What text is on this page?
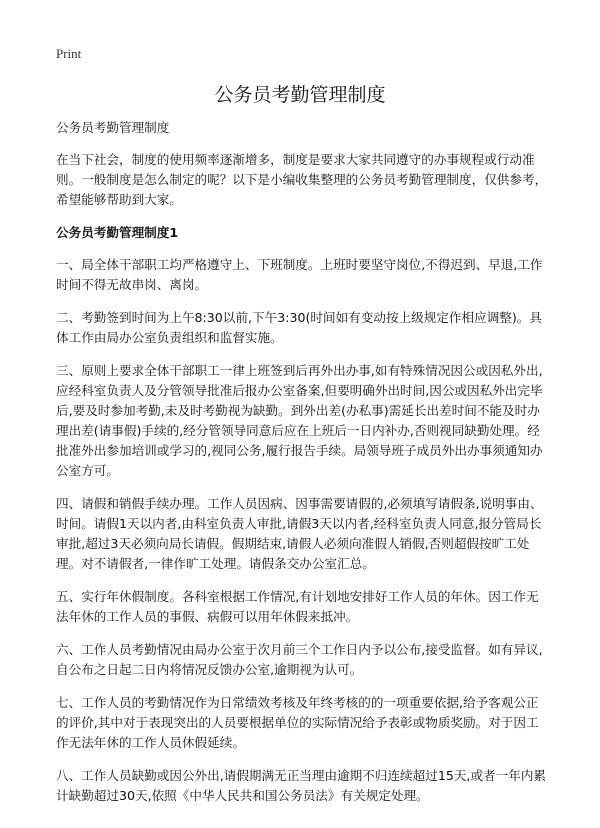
Print
公务员考勤管理制度

公务员考勤管理制度

在当下社会，制度的使用频率逐渐增多，制度是要求大家共同遵守的办事规程或行动准则。一般制度是怎么制定的呢？以下是小编收集整理的公务员考勤管理制度，仅供参考，希望能够帮助到大家。

公务员考勤管理制度1

一、局全体干部职工均严格遵守上、下班制度。上班时要坚守岗位,不得迟到、早退,工作时间不得无故串岗、离岗。

二、考勤签到时间为上午8:30以前,下午3:30(时间如有变动按上级规定作相应调整)。具体工作由局办公室负责组织和监督实施。

三、原则上要求全体干部职工一律上班签到后再外出办事,如有特殊情况因公或因私外出,应经科室负责人及分管领导批准后报办公室备案,但要明确外出时间,因公或因私外出完毕后,要及时参加考勤,未及时考勤视为缺勤。到外出差(办私事)需延长出差时间不能及时办理出差(请事假)手续的,经分管领导同意后应在上班后一日内补办,否则视同缺勤处理。经批准外出参加培训或学习的,视同公务,履行报告手续。局领导班子成员外出办事须通知办公室方可。

四、请假和销假手续办理。工作人员因病、因事需要请假的,必须填写请假条,说明事由、时间。请假1天以内者,由科室负责人审批,请假3天以内者,经科室负责人同意,报分管局长审批,超过3天必须向局长请假。假期结束,请假人必须向准假人销假,否则超假按旷工处理。对不请假者,一律作旷工处理。请假条交办公室汇总。

五、实行年休假制度。各科室根据工作情况,有计划地安排好工作人员的年休。因工作无法年休的工作人员的事假、病假可以用年休假来抵冲。

六、工作人员考勤情况由局办公室于次月前三个工作日内予以公布,接受监督。如有异议,自公布之日起二日内将情况反馈办公室,逾期视为认可。

七、工作人员的考勤情况作为日常绩效考核及年终考核的的一项重要依据,给予客观公正的评价,其中对于表现突出的人员要根据单位的实际情况给予表彰或物质奖励。对于因工作无法年休的工作人员休假延续。

八、工作人员缺勤或因公外出,请假期满无正当理由逾期不归连续超过15天,或者一年内累计缺勤超过30天,依照《中华人民共和国公务员法》有关规定处理。
